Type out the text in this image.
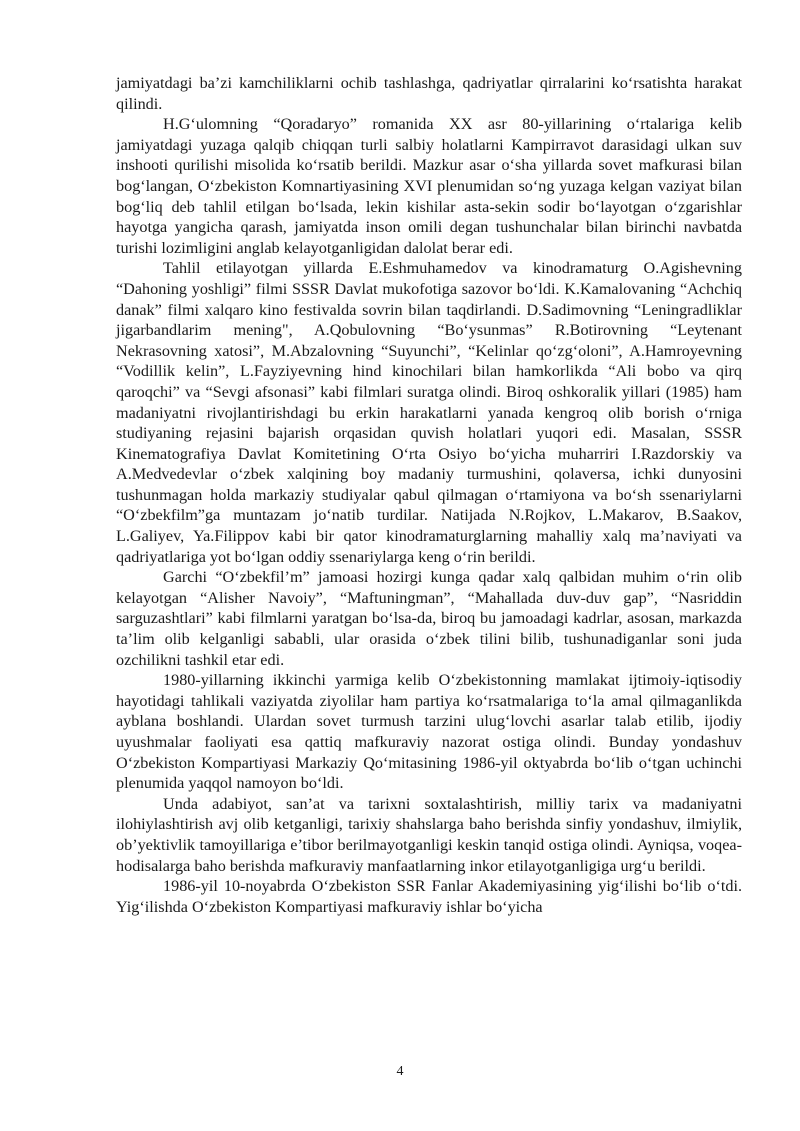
jamiyatdagi ba’zi kamchiliklarni ochib tashlashga, qadriyatlar qirralarini ko‘rsatishta harakat qilindi.

H.G‘ulomning “Qoradaryo” romanida XX asr 80-yillarining o‘rtalariga kelib jamiyatdagi yuzaga qalqib chiqqan turli salbiy holatlarni Kampirravot darasidagi ulkan suv inshooti qurilishi misolida ko‘rsatib berildi. Mazkur asar o‘sha yillarda sovet mafkurasi bilan bog‘langan, O‘zbekiston Komnartiyasining XVI plenumidan so‘ng yuzaga kelgan vaziyat bilan bog‘liq deb tahlil etilgan bo‘lsada, lekin kishilar asta-sekin sodir bo‘layotgan o‘zgarishlar hayotga yangicha qarash, jamiyatda inson omili degan tushunchalar bilan birinchi navbatda turishi lozimligini anglab kelayotganligidan dalolat berar edi.

Tahlil etilayotgan yillarda E.Eshmuhamedov va kinodramaturg O.Agishevning “Dahoning yoshligi” filmi SSSR Davlat mukofotiga sazovor bo‘ldi. K.Kamalovaning “Achchiq danak” filmi xalqaro kino festivalda sovrin bilan taqdirlandi. D.Sadimovning “Leningradliklar jigarbandlarim mening", A.Qobulovning “Bo‘ysunmas” R.Botirovning “Leytenant Nekrasovning xatosi”, M.Abzalovning “Suyunchi”, “Kelinlar qo‘zg‘oloni”, A.Hamroyevning “Vodillik kelin”, L.Fayziyevning hind kinochilari bilan hamkorlikda “Ali bobo va qirq qaroqchi” va “Sevgi afsonasi” kabi filmlari suratga olindi. Biroq oshkoralik yillari (1985) ham madaniyatni rivojlantirishdagi bu erkin harakatlarni yanada kengroq olib borish o‘rniga studiyaning rejasini bajarish orqasidan quvish holatlari yuqori edi. Masalan, SSSR Kinematografiya Davlat Komitetining O‘rta Osiyo bo‘yicha muharriri I.Razdorskiy va A.Medvedevlar o‘zbek xalqining boy madaniy turmushini, qolaversa, ichki dunyosini tushunmagan holda markaziy studiyalar qabul qilmagan o‘rtamiyona va bo‘sh ssenariylarni “O‘zbekfilm”ga muntazam jo‘natib turdilar. Natijada N.Rojkov, L.Makarov, B.Saakov, L.Galiyev, Ya.Filippov kabi bir qator kinodramaturglarning mahalliy xalq ma’naviyati va qadriyatlariga yot bo‘lgan oddiy ssenariylarga keng o‘rin berildi.

Garchi “O‘zbekfil’m” jamoasi hozirgi kunga qadar xalq qalbidan muhim o‘rin olib kelayotgan “Alisher Navoiy”, “Maftuningman”, “Mahallada duv-duv gap”, “Nasriddin sarguzashtlari” kabi filmlarni yaratgan bo‘lsa-da, biroq bu jamoadagi kadrlar, asosan, markazda ta’lim olib kelganligi sababli, ular orasida o‘zbek tilini bilib, tushunadiganlar soni juda ozchilikni tashkil etar edi.

1980-yillarning ikkinchi yarmiga kelib O‘zbekistonning mamlakat ijtimoiy-iqtisodiy hayotidagi tahlikali vaziyatda ziyolilar ham partiya ko‘rsatmalariga to‘la amal qilmaganlikda ayblana boshlandi. Ulardan sovet turmush tarzini ulug‘lovchi asarlar talab etilib, ijodiy uyushmalar faoliyati esa qattiq mafkuraviy nazorat ostiga olindi. Bunday yondashuv O‘zbekiston Kompartiyasi Markaziy Qo‘mitasining 1986-yil oktyabrda bo‘lib o‘tgan uchinchi plenumida yaqqol namoyon bo‘ldi.

Unda adabiyot, san’at va tarixni soxtalashtirish, milliy tarix va madaniyatni ilohiylashtirish avj olib ketganligi, tarixiy shahslarga baho berishda sinfiy yondashuv, ilmiylik, ob’yektivlik tamoyillariga e’tibor berilmayotganligi keskin tanqid ostiga olindi. Ayniqsa, voqea-hodisalarga baho berishda mafkuraviy manfaatlarning inkor etilayotganligiga urg‘u berildi.

1986-yil 10-noyabrda O‘zbekiston SSR Fanlar Akademiyasining yig‘ilishi bo‘lib o‘tdi. Yig‘ilishda O‘zbekiston Kompartiyasi mafkuraviy ishlar bo‘yicha

4
